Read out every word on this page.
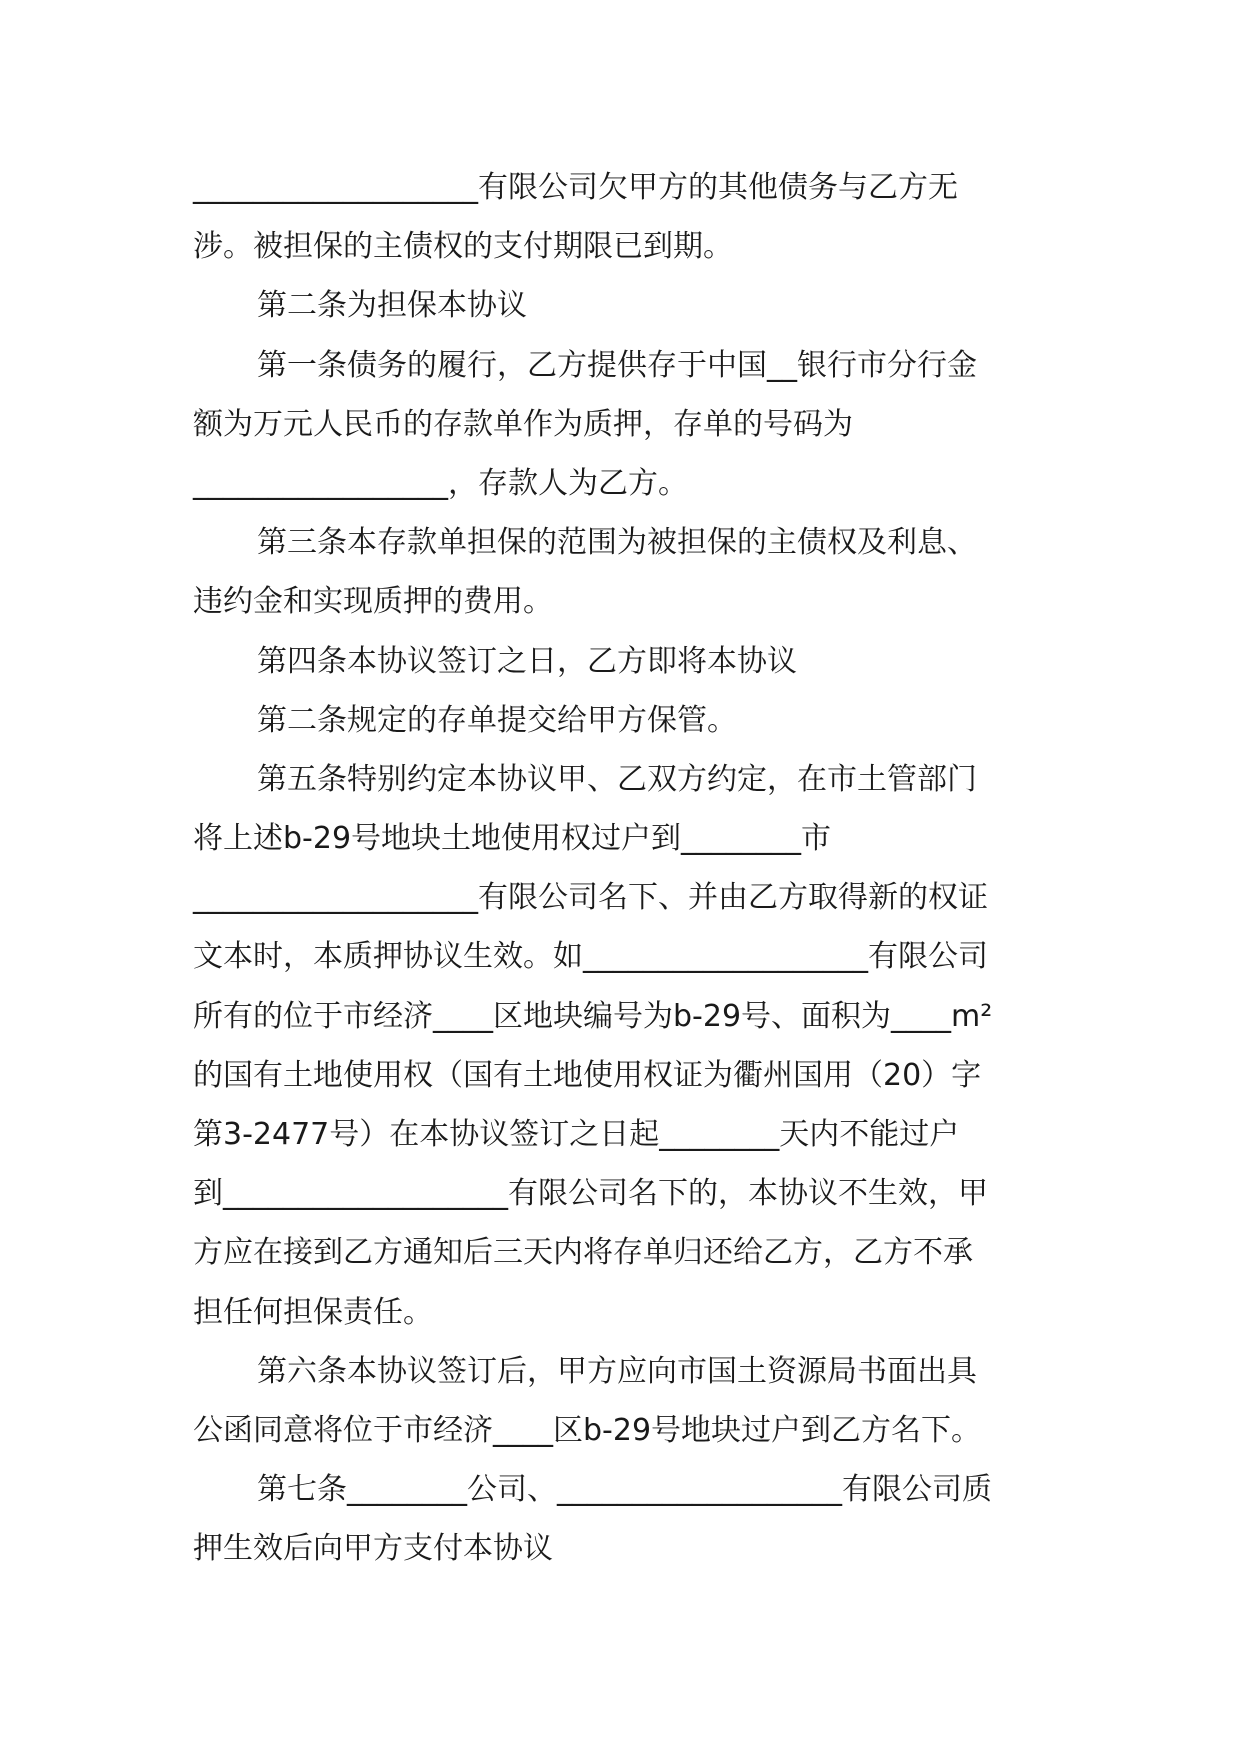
___________________有限公司欠甲方的其他债务与乙方无
涉。被担保的主债权的支付期限已到期。
第二条为担保本协议
第一条债务的履行，乙方提供存于中国__银行市分行金
额为万元人民币的存款单作为质押，存单的号码为
_________________，存款人为乙方。
第三条本存款单担保的范围为被担保的主债权及利息、
违约金和实现质押的费用。
第四条本协议签订之日，乙方即将本协议
第二条规定的存单提交给甲方保管。
第五条特别约定本协议甲、乙双方约定，在市土管部门
将上述b-29号地块土地使用权过户到________市
___________________有限公司名下、并由乙方取得新的权证
文本时，本质押协议生效。如___________________有限公司
所有的位于市经济____区地块编号为b-29号、面积为____m²
的国有土地使用权（国有土地使用权证为衢州国用（20）字
第3-2477号）在本协议签订之日起________天内不能过户
到___________________有限公司名下的，本协议不生效，甲
方应在接到乙方通知后三天内将存单归还给乙方，乙方不承
担任何担保责任。
第六条本协议签订后，甲方应向市国土资源局书面出具
公函同意将位于市经济____区b-29号地块过户到乙方名下。
第七条________公司、___________________有限公司质
押生效后向甲方支付本协议
